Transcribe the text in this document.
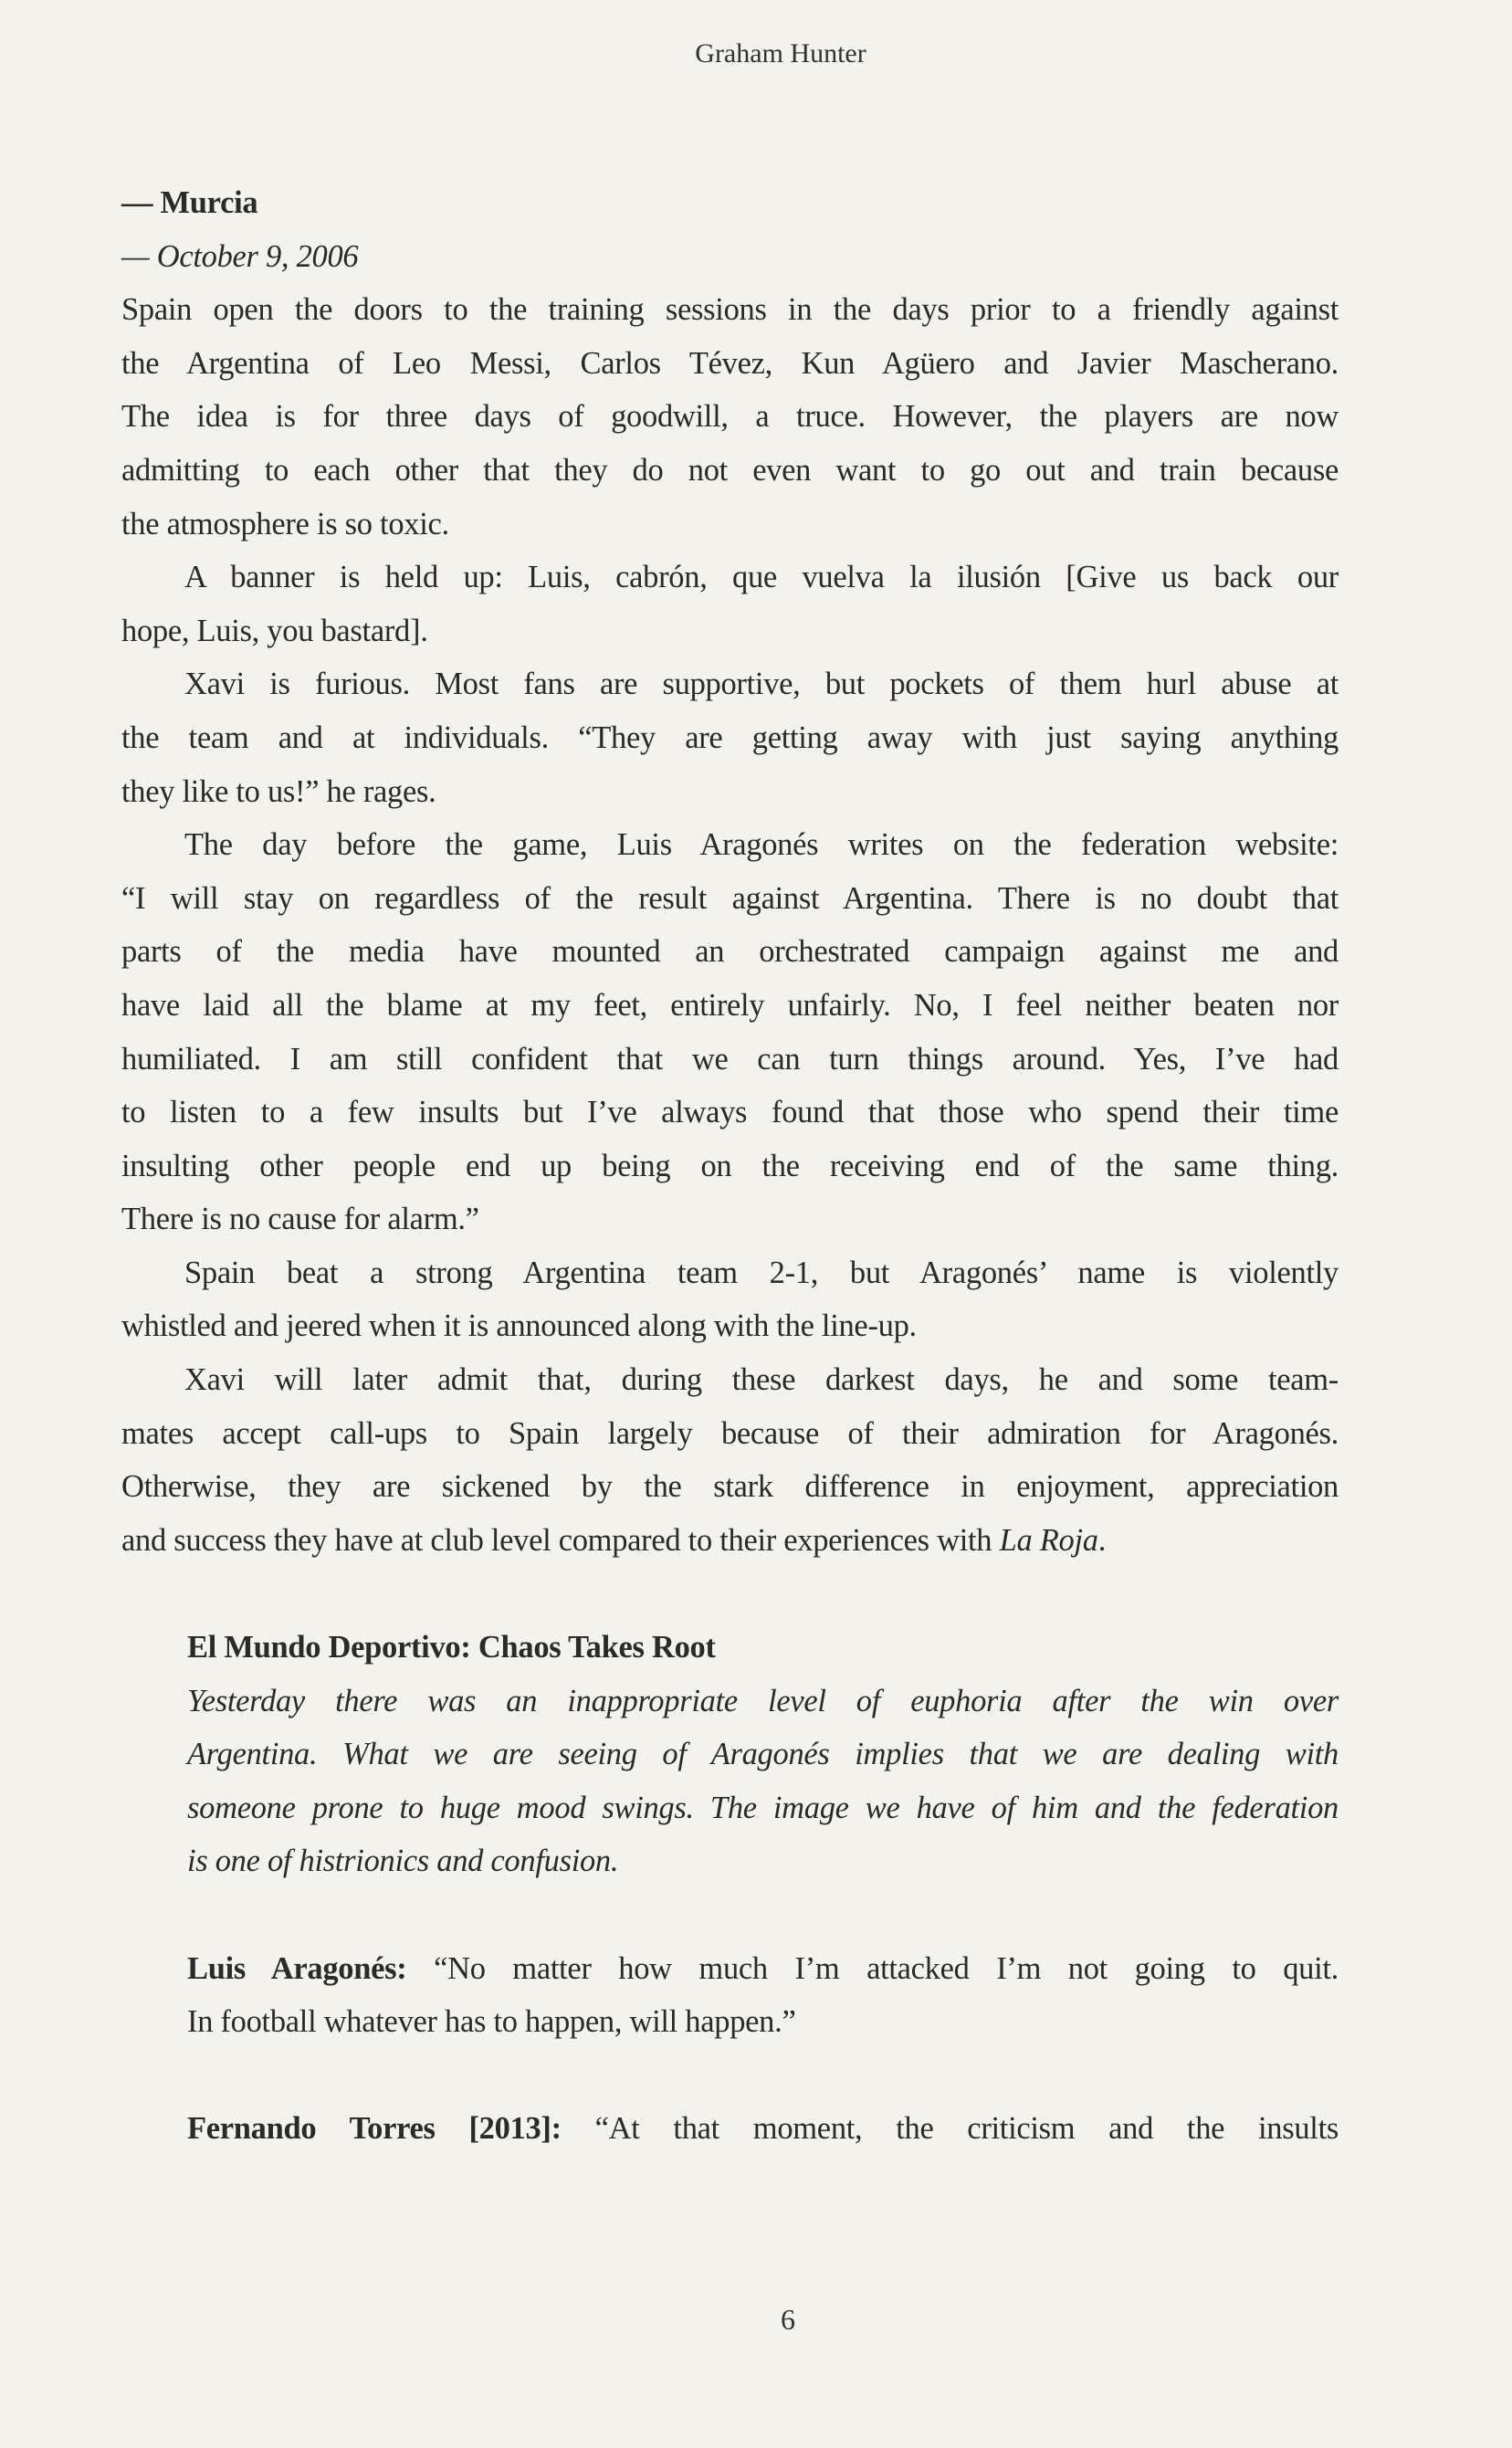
Graham Hunter
— Murcia
— October 9, 2006
Spain open the doors to the training sessions in the days prior to a friendly against
the Argentina of Leo Messi, Carlos Tévez, Kun Agüero and Javier Mascherano.
The idea is for three days of goodwill, a truce. However, the players are now
admitting to each other that they do not even want to go out and train because
the atmosphere is so toxic.
A banner is held up: Luis, cabrón, que vuelva la ilusión [Give us back our
hope, Luis, you bastard].
Xavi is furious. Most fans are supportive, but pockets of them hurl abuse at
the team and at individuals. “They are getting away with just saying anything
they like to us!” he rages.
The day before the game, Luis Aragonés writes on the federation website:
“I will stay on regardless of the result against Argentina. There is no doubt that
parts of the media have mounted an orchestrated campaign against me and
have laid all the blame at my feet, entirely unfairly. No, I feel neither beaten nor
humiliated. I am still confident that we can turn things around. Yes, I’ve had
to listen to a few insults but I’ve always found that those who spend their time
insulting other people end up being on the receiving end of the same thing.
There is no cause for alarm.”
Spain beat a strong Argentina team 2-1, but Aragonés’ name is violently
whistled and jeered when it is announced along with the line-up.
Xavi will later admit that, during these darkest days, he and some team-
mates accept call-ups to Spain largely because of their admiration for Aragonés.
Otherwise, they are sickened by the stark difference in enjoyment, appreciation
and success they have at club level compared to their experiences with La Roja.
El Mundo Deportivo: Chaos Takes Root
Yesterday there was an inappropriate level of euphoria after the win over
Argentina. What we are seeing of Aragonés implies that we are dealing with
someone prone to huge mood swings. The image we have of him and the federation
is one of histrionics and confusion.
Luis Aragonés: “No matter how much I’m attacked I’m not going to quit.
In football whatever has to happen, will happen.”
Fernando Torres [2013]: “At that moment, the criticism and the insults
6
